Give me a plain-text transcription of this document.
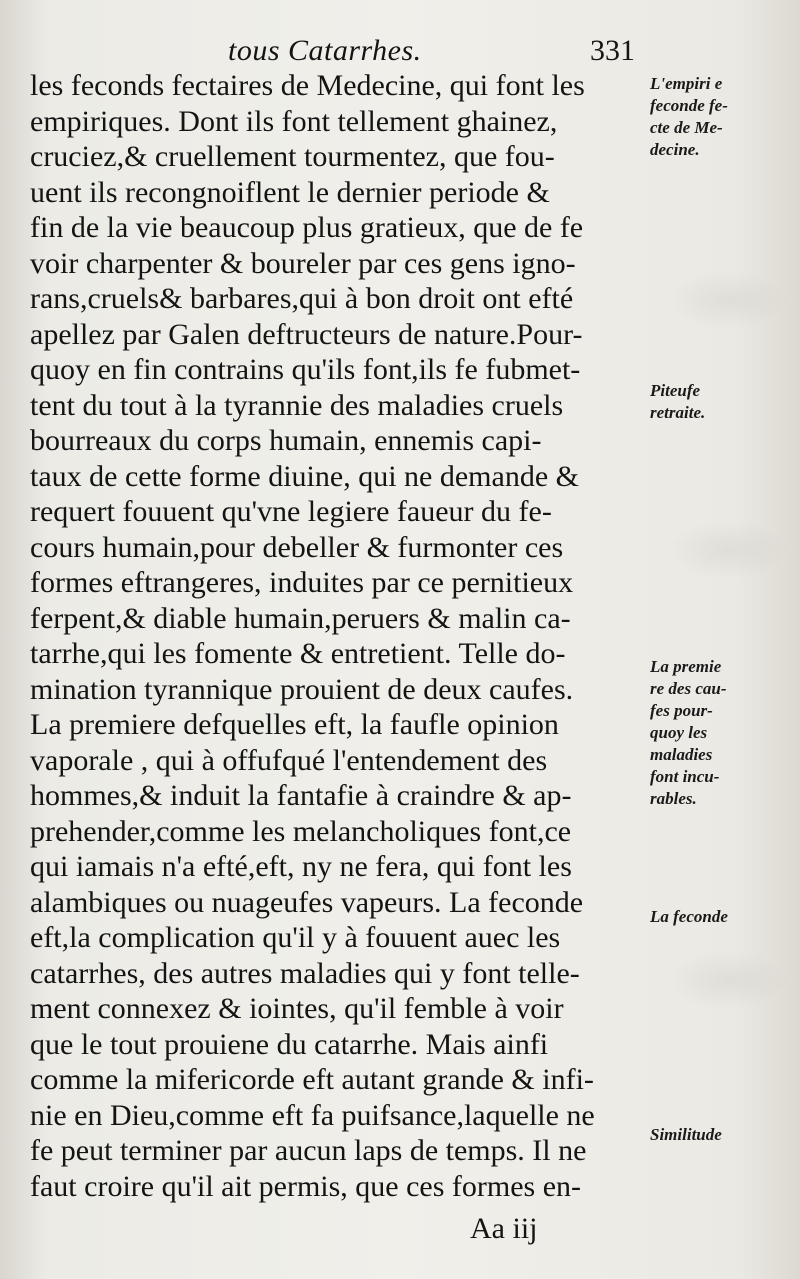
tous Catarrhes.	331
les feconds fectaires de Medecine, qui font les
empiriques. Dont ils font tellement ghainez,
cruciez,& cruellement tourmentez, que fou-
uent ils recongnoiflent le dernier periode &
fin de la vie beaucoup plus gratieux, que de fe
voir charpenter & boureler par ces gens igno-
rans,cruels& barbares,qui à bon droit ont efté
apellez par Galen deftructeurs de nature.Pour-
quoy en fin contrains qu'ils font,ils fe fubmet-
tent du tout à la tyrannie des maladies cruels
bourreaux du corps humain, ennemis capi-
taux de cette forme diuine, qui ne demande &
requert fouuent qu'vne legiere faueur du fe-
cours humain,pour debeller & furmonter ces
formes eftrangeres, induites par ce pernitieux
ferpent,& diable humain,peruers & malin ca-
tarrhe,qui les fomente & entretient. Telle do-
mination tyrannique prouient de deux caufes.
La premiere defquelles eft, la faufle opinion
vaporale , qui à offufqué l'entendement des
hommes,& induit la fantafie à craindre & ap-
prehender,comme les melancholiques font,ce
qui iamais n'a efté,eft, ny ne fera, qui font les
alambiques ou nuageufes vapeurs. La feconde
eft,la complication qu'il y à fouuent auec les
catarrhes, des autres maladies qui y font telle-
ment connexez & iointes, qu'il femble à voir
que le tout prouiene du catarrhe. Mais ainfi
comme la mifericorde eft autant grande & infi-
nie en Dieu,comme eft fa puifsance,laquelle ne
fe peut terminer par aucun laps de temps. Il ne
faut croire qu'il ait permis, que ces formes en-
L'empiri e
feconde fe-
cte de Me-
decine.
Piteufe
retraite.
La premie
re des cau-
fes pour-
quoy les
maladies
font incu-
rables.
La feconde
Similitude
Aa iij
